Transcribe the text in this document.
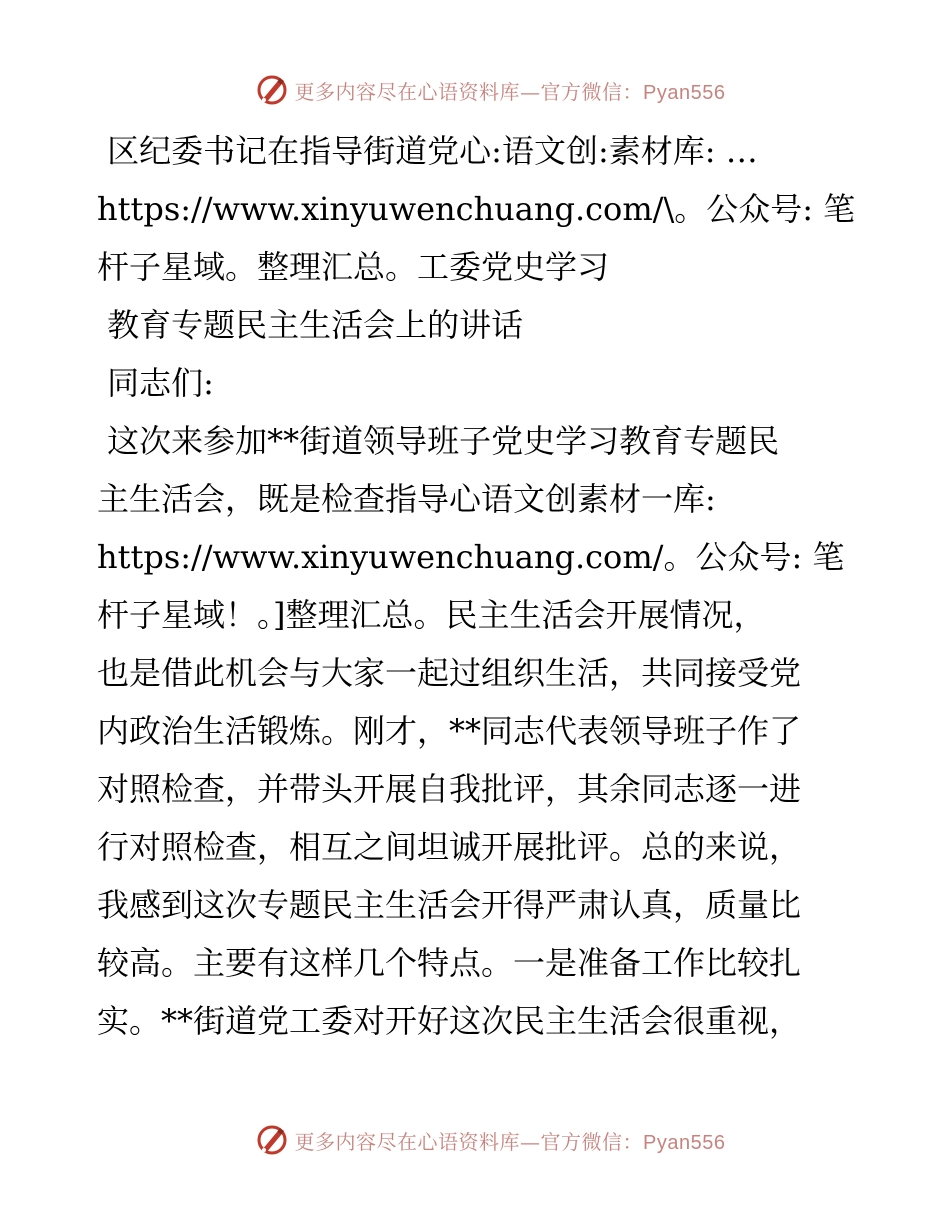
更多内容尽在心语资料库—官方微信：Pyan556

区纪委书记在指导街道党心:语文创:素材库: …

https://www.xinyuwenchuang.com/\。公众号: 笔

杆子星域。整理汇总。工委党史学习

教育专题民主生活会上的讲话

同志们:

这次来参加**街道领导班子党史学习教育专题民

主生活会，既是检查指导心语文创素材一库:

https://www.xinyuwenchuang.com/。公众号: 笔

杆子星域！。]整理汇总。民主生活会开展情况，

也是借此机会与大家一起过组织生活，共同接受党

内政治生活锻炼。刚才，**同志代表领导班子作了

对照检查，并带头开展自我批评，其余同志逐一进

行对照检查，相互之间坦诚开展批评。总的来说，

我感到这次专题民主生活会开得严肃认真，质量比

较高。主要有这样几个特点。一是准备工作比较扎

实。**街道党工委对开好这次民主生活会很重视，

更多内容尽在心语资料库—官方微信：Pyan556
